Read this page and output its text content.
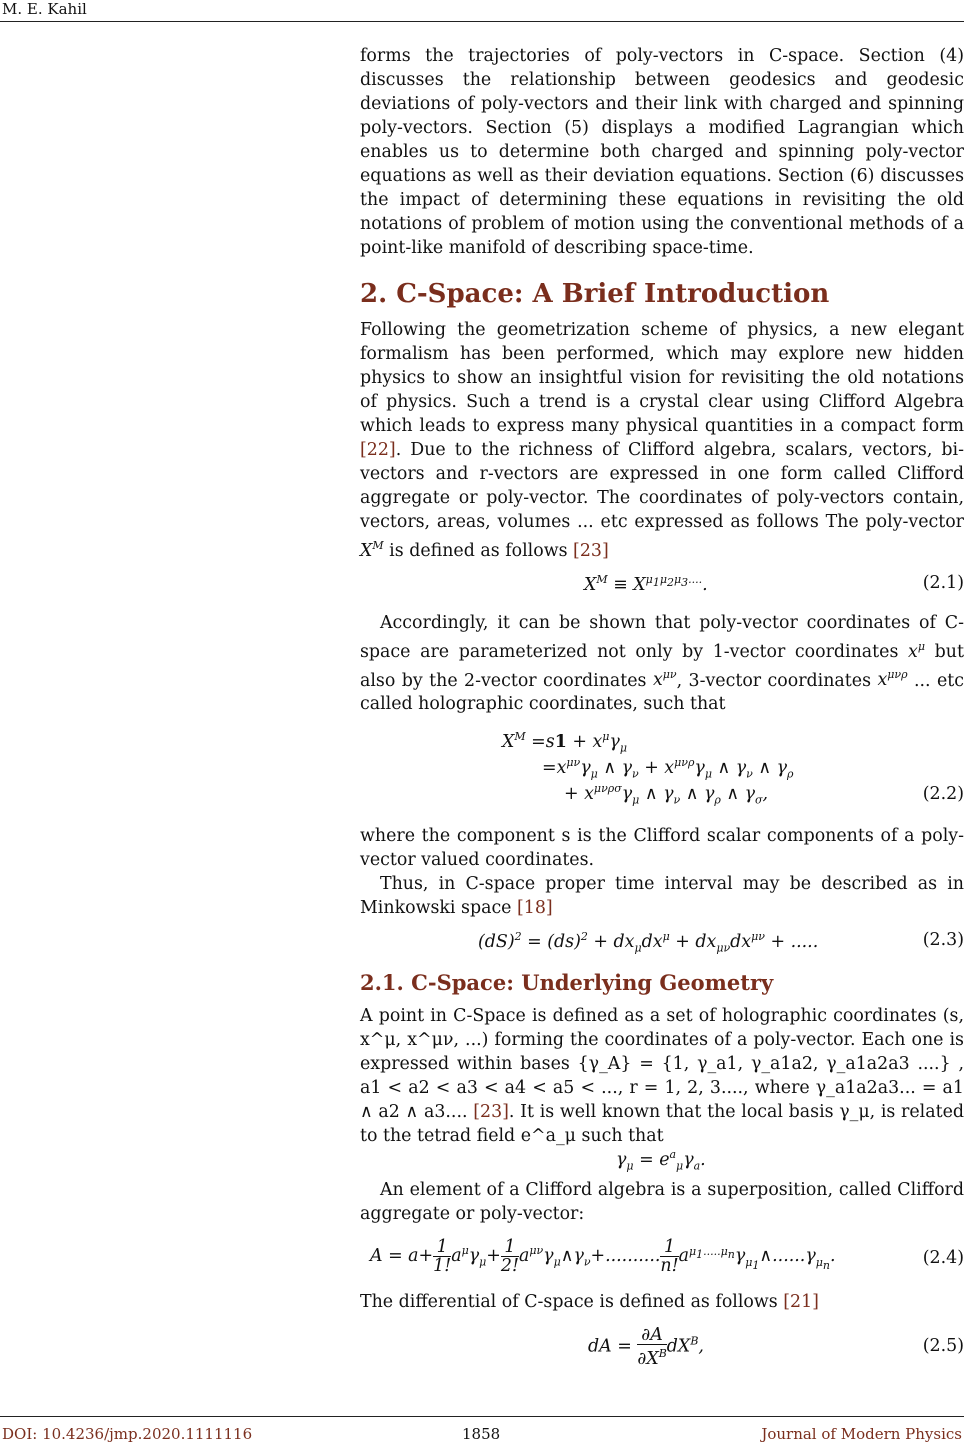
M. E. Kahil

forms the trajectories of poly-vectors in C-space. Section (4) discusses the relationship between geodesics and geodesic deviations of poly-vectors and their link with charged and spinning poly-vectors. Section (5) displays a modified Lagrangian which enables us to determine both charged and spinning poly-vector equations as well as their deviation equations. Section (6) discusses the impact of determining these equations in revisiting the old notations of problem of motion using the conventional methods of a point-like manifold of describing space-time.

2. C-Space: A Brief Introduction

Following the geometrization scheme of physics, a new elegant formalism has been performed, which may explore new hidden physics to show an insightful vision for revisiting the old notations of physics. Such a trend is a crystal clear using Clifford Algebra which leads to express many physical quantities in a compact form [22]. Due to the richness of Clifford algebra, scalars, vectors, bi-vectors and r-vectors are expressed in one form called Clifford aggregate or poly-vector. The coordinates of poly-vectors contain, vectors, areas, volumes ... etc expressed as follows The poly-vector $X^M$ is defined as follows [23]

$X^M \equiv X^{\mu_1\mu_2\mu_3....}$.	(2.1)

Accordingly, it can be shown that poly-vector coordinates of C-space are parameterized not only by 1-vector coordinates $x^\mu$ but also by the 2-vector coordinates $x^{\mu\nu}$, 3-vector coordinates $x^{\mu\nu\rho}$ ... etc called holographic coordinates, such that

$X^M =s1 + x^\mu\gamma_\mu$
$=x^{\mu\nu}\gamma_\mu$ ∧ $\gamma_\nu + x^{\mu\nu\rho}\gamma_\mu$ ∧ $\gamma_\nu$ ∧ $\gamma_\rho$
+ $x^{\mu\nu\rho\sigma}\gamma_\mu$ ∧ $\gamma_\nu$ ∧ $\gamma_\rho$ ∧ $\gamma_\sigma$,	(2.2)

where the component s is the Clifford scalar components of a poly-vector valued coordinates.

Thus, in C-space proper time interval may be described as in Minkowski space [18]

$(dS)^2 = (ds)^2 + dx_\mu dx^\mu + dx_{\mu\nu}dx^{\mu\nu}$ + .....	(2.3)
2.1. C-Space: Underlying Geometry

A point in C-Space is defined as a set of holographic coordinates (s, x^μ, x^μν, ...) forming the coordinates of a poly-vector. Each one is expressed within bases {γ_A} = {1, γ_a1, γ_a1a2, γ_a1a2a3 ....} , a1 < a2 < a3 < a4 < a5 < ..., r = 1, 2, 3...., where γ_a1a2a3... = a1 ∧ a2 ∧ a3.... [23]. It is well known that the local basis γ_μ, is related to the tetrad field e^a_μ such that

$\gamma_\mu = e^a_\mu\gamma_a$.

An element of a Clifford algebra is a superposition, called Clifford aggregate or poly-vector:

$A = a+ \frac{1}{1!} a^\mu\gamma_\mu+ \frac{1}{2!}$ $a^{\mu\nu}\gamma_\mu\wedge\gamma_\nu+$.......... $\frac{1}{n!}$ $a^{\mu_1.....\mu_n}\gamma_{\mu_1}\wedge......\gamma_{\mu_n}$.	(2.4)

The differential of C-space is defined as follows [21]

dA = $\frac{\partial A}{\partial X^B} dX^B$,	(2.5)
DOI: 10.4236/jmp.2020.1111116	1858	Journal of Modern Physics
